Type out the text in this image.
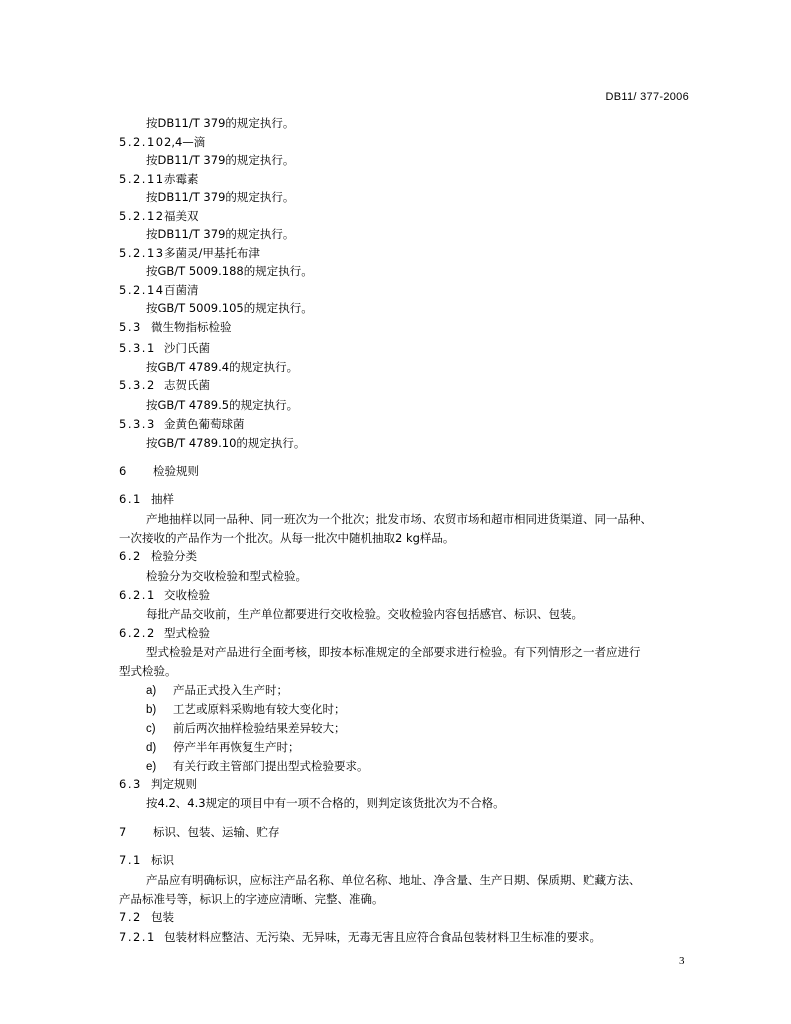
DB11/ 377-2006
按DB11/T 379的规定执行。
5.2.102,4—滴
按DB11/T 379的规定执行。
5.2.11赤霉素
按DB11/T 379的规定执行。
5.2.12福美双
按DB11/T 379的规定执行。
5.2.13多菌灵/甲基托布津
按GB/T 5009.188的规定执行。
5.2.14百菌清
按GB/T 5009.105的规定执行。
5.3 微生物指标检验
5.3.1 沙门氏菌
按GB/T 4789.4的规定执行。
5.3.2 志贺氏菌
按GB/T 4789.5的规定执行。
5.3.3 金黄色葡萄球菌
按GB/T 4789.10的规定执行。
6 检验规则
6.1 抽样
产地抽样以同一品种、同一班次为一个批次；批发市场、农贸市场和超市相同进货渠道、同一品种、
一次接收的产品作为一个批次。从每一批次中随机抽取2 kg样品。
6.2 检验分类
检验分为交收检验和型式检验。
6.2.1 交收检验
每批产品交收前，生产单位都要进行交收检验。交收检验内容包括感官、标识、包装。
6.2.2 型式检验
型式检验是对产品进行全面考核，即按本标准规定的全部要求进行检验。有下列情形之一者应进行
型式检验。
a) 产品正式投入生产时；
b) 工艺或原料采购地有较大变化时；
c) 前后两次抽样检验结果差异较大；
d) 停产半年再恢复生产时；
e) 有关行政主管部门提出型式检验要求。
6.3 判定规则
按4.2、4.3规定的项目中有一项不合格的，则判定该货批次为不合格。
7 标识、包装、运输、贮存
7.1 标识
产品应有明确标识，应标注产品名称、单位名称、地址、净含量、生产日期、保质期、贮藏方法、
产品标准号等，标识上的字迹应清晰、完整、准确。
7.2 包装
7.2.1 包装材料应整洁、无污染、无异味，无毒无害且应符合食品包装材料卫生标准的要求。
3
